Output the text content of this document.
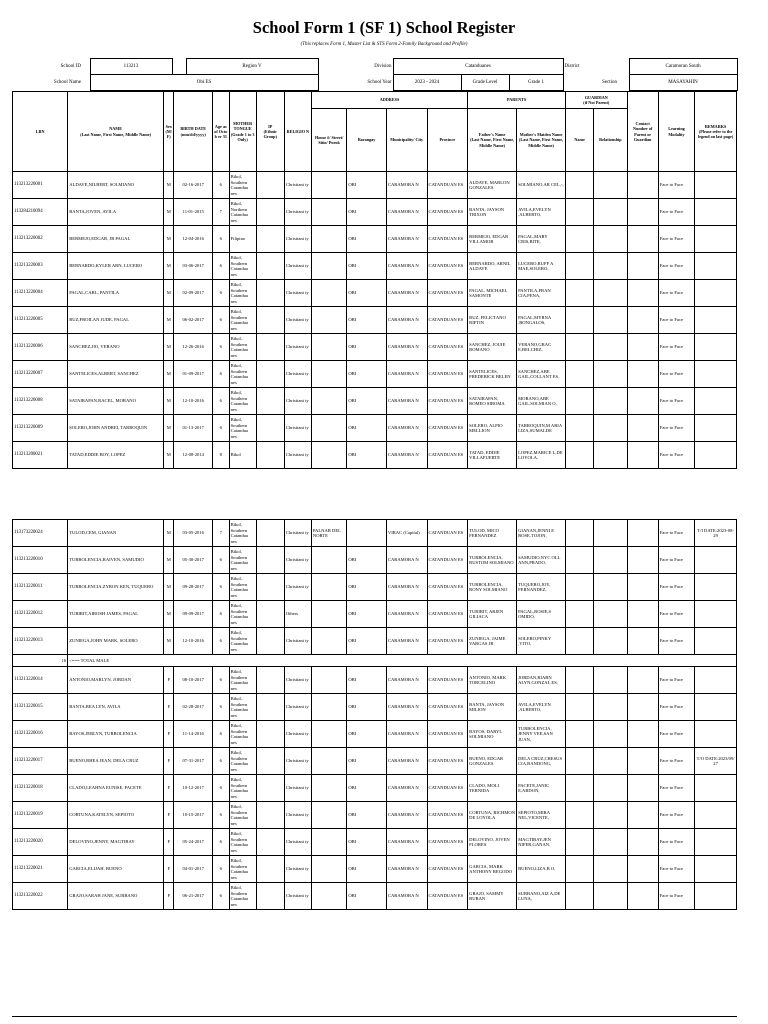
School Form 1 (SF 1) School Register
(This replaces Form 1, Master List & STS Form 2-Family Background and Profile)
School ID		113213		Region V	Division	Catanduanes			District		Caramoran South
School Name		Obi ES			School Year	2023 - 2024	Grade Level	Grade 1		Section	MASAYAHIN
LRN	NAME
(Last Name, First Name, Middle Name)	Sex (M/F)	BIRTH DATE
(mm/dd/yyyy)	Age as of Octob er 31	MOTHER TONGUE
(Grade 1 to 3 Only)	IP
(Ethnic Group)	RELIGIO N	ADDRESS				PARENTS		GUARDIAN
(if Not Parent)		Contact Number of Parent or Guardian	Learning Modality	REMARKS
(Please refer to the legend on last page)
								House #/ Street/ Sitio/ Purok	Barangay	Municipality/ City	Province	Father's Name
(Last Name, First Name, Middle Name)	Mother's Maiden Name
(Last Name, First Name, Middle Name)	Name	Relationship			
113213220001	ALDAVE,NILBERT, SOLMIANO	M	02-16-2017	6	Bikol, Southern Catandua nes		Christiani ty		OBI	CARAMORA N	CATANDUAN ES	ALDAVE, MARLON GONZALES	SOLMIANO,AR CEL,-,				Face to Face	
113284210094	BANTA,JOVEN, AVILA	M	11-01-2015	7	Bikol, Northern Catandua nes		Christiani ty		OBI	CARAMORA N	CATANDUAN ES	BANTA, JAYSON TRIXON	AVILA,EVELYN ,ALBERTO,				Face to Face	
113213220002	BERMEJO,EDGAR, JR PAGAL	M	12-04-2016	6	Filipino		Christiani ty		OBI	CARAMORA N	CATANDUAN ES	BERMEJO, EDGAR VILLAMOR	PAGAL,MARY CRIS,BITE,				Face to Face	
113213220003	BERNARDO,KYLER ARN, LUCERO	M	03-06-2017	6	Bikol, Southern Catandua nes		Christiani ty		OBI	CARAMORA N	CATANDUAN ES	BERNARDO, ARNIL ALDAVE	LUCERO,RUFF A MAE,SOLERO,				Face to Face	
113213220004	PAGAL,CARL, PANTILA	M	02-09-2017	6	Bikol, Southern Catandua nes		Christiani ty		OBI	CARAMORA N	CATANDUAN ES	PAGAL, MICHAEL SAMONTE	PANTILA,FRAN CIA,PENA,				Face to Face	
113213220005	RUZ,FROILAN JUDE, PAGAL	M	06-02-2017	6	Bikol, Southern Catandua nes		Christiani ty		OBI	CARAMORA N	CATANDUAN ES	RUZ, FELICTANO RIFTIN	PAGAL,MYRNA ,BONGALOS,				Face to Face	
113213220006	SANCHEZ,JIO, VERANO	M	12-26-2016	6	Bikol, Southern Catandua nes		Christiani ty		OBI	CARAMORA N	CATANDUAN ES	SANCHEZ, JOUIE ROMANO	VERANO,GRAC E,BELCHIZ,				Face to Face	
113213220007	SANTELICES,ALBERT, SANCHEZ	M	01-09-2017	6	Bikol, Southern Catandua nes		Christiani ty		OBI	CARAMORA N	CATANDUAN ES	SANTELICES, FREDERICK BELEN	SANCHEZ,ABE GAIL,COLLANT ES,				Face to Face	
113213220008	SATAIRAPAN,RACEL, MORANO	M	12-10-2016	6	Bikol, Southern Catandua nes		Christiani ty		OBI	CARAMORA N	CATANDUAN ES	SATAIRAPAN, ROMEO SIROMA	MORANO,ABE GAIL,SOLMIAN O,				Face to Face	
113213220009	SOLERO,JOHN ANDREI, TARROQUIN	M	01-13-2017	6	Bikol, Southern Catandua nes		Christiani ty		OBI	CARAMORA N	CATANDUAN ES	SOLERO, ALPIO MELLION	TARROQUIN,M ARIA LIZA,SUMALDE				Face to Face	
113213200021	TATAD,EDDIE BOY, LOPEZ	M	12-08-2014	8	Bikol		Christiani ty		OBI	CARAMORA N	CATANDUAN ES	TATAD, EDDIE VILLAFUERTE	LOPEZ,MARICE L,DE LOYOLA,				Face to Face	
113173220024	TULOD,CEM, GIANAN	M	03-05-2016	7	Bikol, Southern Catandua nes		Christiani ty	PALNAB DEL NORTE		VIRAC (Capital)	CATANDUAN ES	TULOD, MICO FERNANDEZ	GIANAN,JENNI E ROSE,TOJON,				Face to Face	T/I DATE:2023-08-29
113213220010	TURBOLENCIA,RAIVEN, SAMUDIO	M	05-30-2017	6	Bikol, Southern Catandua nes		Christiani ty		OBI	CARAMORA N	CATANDUAN ES	TURBOLENCIA, RUSTOM SOLMIANO	SAMUDIO,NYC OLL ANN,PRADO,				Face to Face	
113213220011	TURBOLENCIA,ZYRON KEN, TUQUERO	M	09-28-2017	6	Bikol, Southern Catandua nes		Christiani ty		OBI	CARAMORA N	CATANDUAN ES	TURBOLENCIA, RONY SOLMIANO	TUQUERO,JOY, FERNANDEZ,				Face to Face	
113213220012	TURIRIT,AIROSH JAMES, PAGAL	M	09-09-2017	6	Bikol, Southern Catandua nes		Others		OBI	CARAMORA N	CATANDUAN ES	TURIRIT, ARJEN GILIACA	PAGAL,ROSIE,S OMIDO,				Face to Face	
113213220013	ZUNIEGA,JOHN MARK, SOLERO	M	12-10-2016	6	Bikol, Southern Catandua nes		Christiani ty		OBI	CARAMORA N	CATANDUAN ES	ZUNIEGA, JAIME VARGAS JR	SOLERO,PINKY ,VITO,				Face to Face	
16	<=== TOTAL MALE																	
113213220014	ANTONIO,MARLYN, JORDAN	F	08-10-2017	6	Bikol, Southern Catandua nes		Christiani ty		OBI	CARAMORA N	CATANDUAN ES	ANTONIO, MARK TORCELINO	JORDAN,RIABN ALYN,GONZAL ES,				Face to Face	
113213220015	BANTA,BEA LYN, AVILA	F	02-28-2017	6	Bikol, Southern Catandua nes		Christiani ty		OBI	CARAMORA N	CATANDUAN ES	BANTA, JAYSON MILION	AVILA,EVELYN ,ALBERTO,				Face to Face	
113213220016	BAYOS,JERLYN, TURBOLENCIA	F	11-14-2016	6	Bikol, Southern Catandua nes		Christiani ty		OBI	CARAMORA N	CATANDUAN ES	BAYOS, DARYL SOLMIANO	TURBOLENCIA, JENNY VEE,SAN JUAN,				Face to Face	
113213220017	BUENO,RHEA JEAN, DELA CRUZ	F	07-31-2017	6	Bikol, Southern Catandua nes		Christiani ty		OBI	CARAMORA N	CATANDUAN ES	BUENO, EDGAR GONZALES	DELA CRUZ,CRESUS CIA,BANDONG,				Face to Face	T/O DATE:2023/09/ 27
113213220018	CLADO,LEAHNA EUNISE, PACETE	F	10-12-2017	6	Bikol, Southern Catandua nes		Christiani ty		OBI	CARAMORA N	CATANDUAN ES	CLADO, MOLI TERNIDA	PACETE,JANIC E,ARDON,				Face to Face	
113213220019	CORTUNA,KATELYN, SEPIOTO	F	10-15-2017	6	Bikol, Southern Catandua nes		Christiani ty		OBI	CARAMORA N	CATANDUAN ES	CORTUNA, RICHMON DE LOYOLA	SEPIOTO,MIRA NEL,VICENTE,				Face to Face	
113213220020	DELOVINO,JENNY, MAGTIBAY	F	05-24-2017	6	Bikol, Southern Catandua nes		Christiani ty		OBI	CARAMORA N	CATANDUAN ES	DELOVINO, JOVEN FLORES	MAGTIBAY,JEN NIFER,GANAN,				Face to Face	
113213220021	GARCIA,ELIJAH, BUENO	F	04-01-2017	6	Bikol, Southern Catandua nes		Christiani ty		OBI	CARAMORA N	CATANDUAN ES	GARCIA, MARK ANTHONY REGODO	BUENO,LIZA,B O,				Face to Face	
113213220022	GRAJO,SARAH JANE, SURBANO	F	06-21-2017	6	Bikol, Southern Catandua nes		Christiani ty		OBI	CARAMORA N	CATANDUAN ES	GRAJO, SAMMY BUBAN	SURBANO,AIZ A,DE LUNA,				Face to Face	
